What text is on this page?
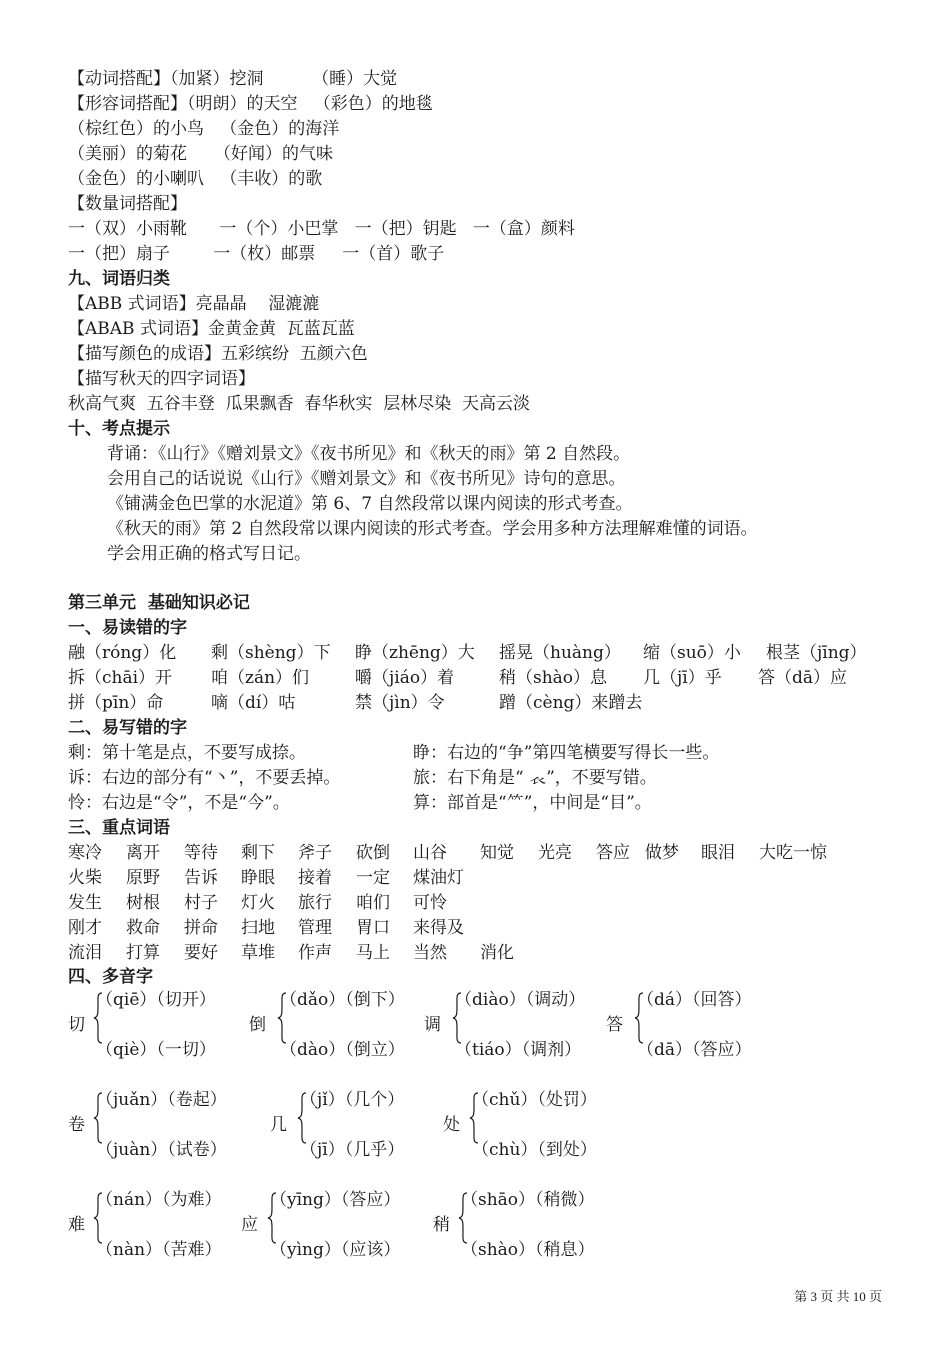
【动词搭配】（加紧）挖洞         （睡）大觉
【形容词搭配】（明朗）的天空   （彩色）的地毯
（棕红色）的小鸟   （金色）的海洋
（美丽）的菊花     （好闻）的气味
（金色）的小喇叭   （丰收）的歌
【数量词搭配】
一（双）小雨靴      一（个）小巴掌   一（把）钥匙   一（盒）颜料
一（把）扇子        一（枚）邮票     一（首）歌子
九、词语归类
【ABB 式词语】亮晶晶    湿漉漉
【ABAB 式词语】金黄金黄  瓦蓝瓦蓝
【描写颜色的成语】五彩缤纷  五颜六色
【描写秋天的四字词语】
秋高气爽  五谷丰登  瓜果飘香  春华秋实  层林尽染  天高云淡
十、考点提示
背诵：《山行》《赠刘景文》《夜书所见》和《秋天的雨》第 2 自然段。
会用自己的话说说《山行》《赠刘景文》和《夜书所见》诗句的意思。
《铺满金色巴掌的水泥道》第 6、7 自然段常以课内阅读的形式考查。
《秋天的雨》第 2 自然段常以课内阅读的形式考查。学会用多种方法理解难懂的词语。
学会用正确的格式写日记。
第三单元  基础知识必记
一、易读错的字
融（róng）化 剩（shèng）下 睁（zhēng）大 摇晃（huàng） 缩（suō）小 根茎（jīng）
拆（chāi）开 咱（zán）们	嚼（jiáo）着	稍（shào）息 几（jī）乎 答（dā）应
拼（pīn）命	嘀（dí）咕	禁（jìn）令	蹭（cèng）来蹭去
二、易写错的字
剩：第十笔是点，不要写成捺。	睁：右边的“争”第四笔横要写得长一些。
诉：右边的部分有“丶”，不要丢掉。	旅：右下角是“ 𧘇”，不要写错。
怜：右边是“令”，不是“今”。	算：部首是“⺮”，中间是“目”。
三、重点词语
寒冷 离开 等待 剩下 斧子 砍倒 山谷 知觉 光亮 答应 做梦 眼泪 大吃一惊
火柴 原野 告诉 睁眼 接着 一定 煤油灯
发生 树根 村子 灯火 旅行 咱们 可怜
刚才 救命 拼命 扫地 管理 胃口 来得及
流泪 打算 要好 草堆 作声 马上 当然 消化
四、多音字
切
（qiē）（切开）
（qiè）（一切）
倒
（dǎo）（倒下）
（dào）（倒立）
调
（diào）（调动）
（tiáo）（调剂）
答
（dá）（回答）
（dā）（答应）
卷
（juǎn）（卷起）
（juàn）（试卷）
几
（jǐ）（几个）
（jī）（几乎）
处
（chǔ）（处罚）
（chù）（到处）
难
（nán）（为难）
（nàn）（苦难）
应
（yīng）（答应）
（yìng）（应该）
稍
（shāo）（稍微）
（shào）（稍息）
第 3 页 共 10 页
